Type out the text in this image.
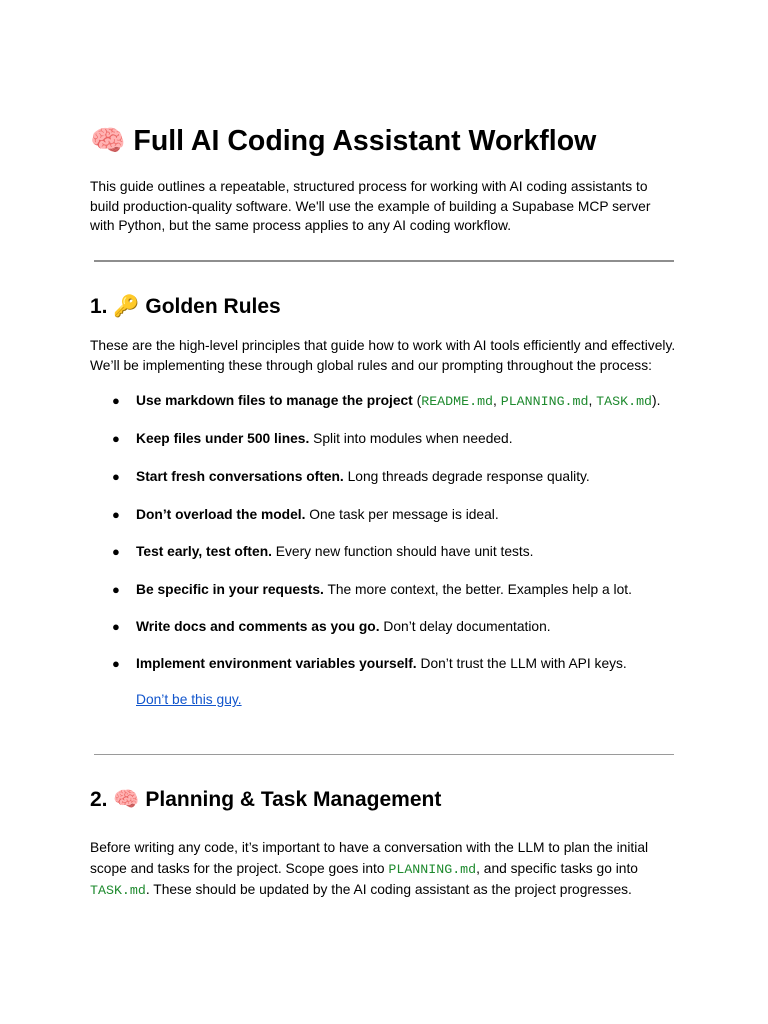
🧠 Full AI Coding Assistant Workflow

This guide outlines a repeatable, structured process for working with AI coding assistants to
build production-quality software. We'll use the example of building a Supabase MCP server
with Python, but the same process applies to any AI coding workflow.

1. 🔑 Golden Rules

These are the high-level principles that guide how to work with AI tools efficiently and effectively.
We’ll be implementing these through global rules and our prompting throughout the process:

● Use markdown files to manage the project (README.md, PLANNING.md, TASK.md).
● Keep files under 500 lines. Split into modules when needed.
● Start fresh conversations often. Long threads degrade response quality.
● Don’t overload the model. One task per message is ideal.
● Test early, test often. Every new function should have unit tests.
● Be specific in your requests. The more context, the better. Examples help a lot.
● Write docs and comments as you go. Don’t delay documentation.
● Implement environment variables yourself. Don’t trust the LLM with API keys.
Don’t be this guy.
2. 🧠 Planning & Task Management

Before writing any code, it’s important to have a conversation with the LLM to plan the initial
scope and tasks for the project. Scope goes into PLANNING.md, and specific tasks go into
TASK.md. These should be updated by the AI coding assistant as the project progresses.
